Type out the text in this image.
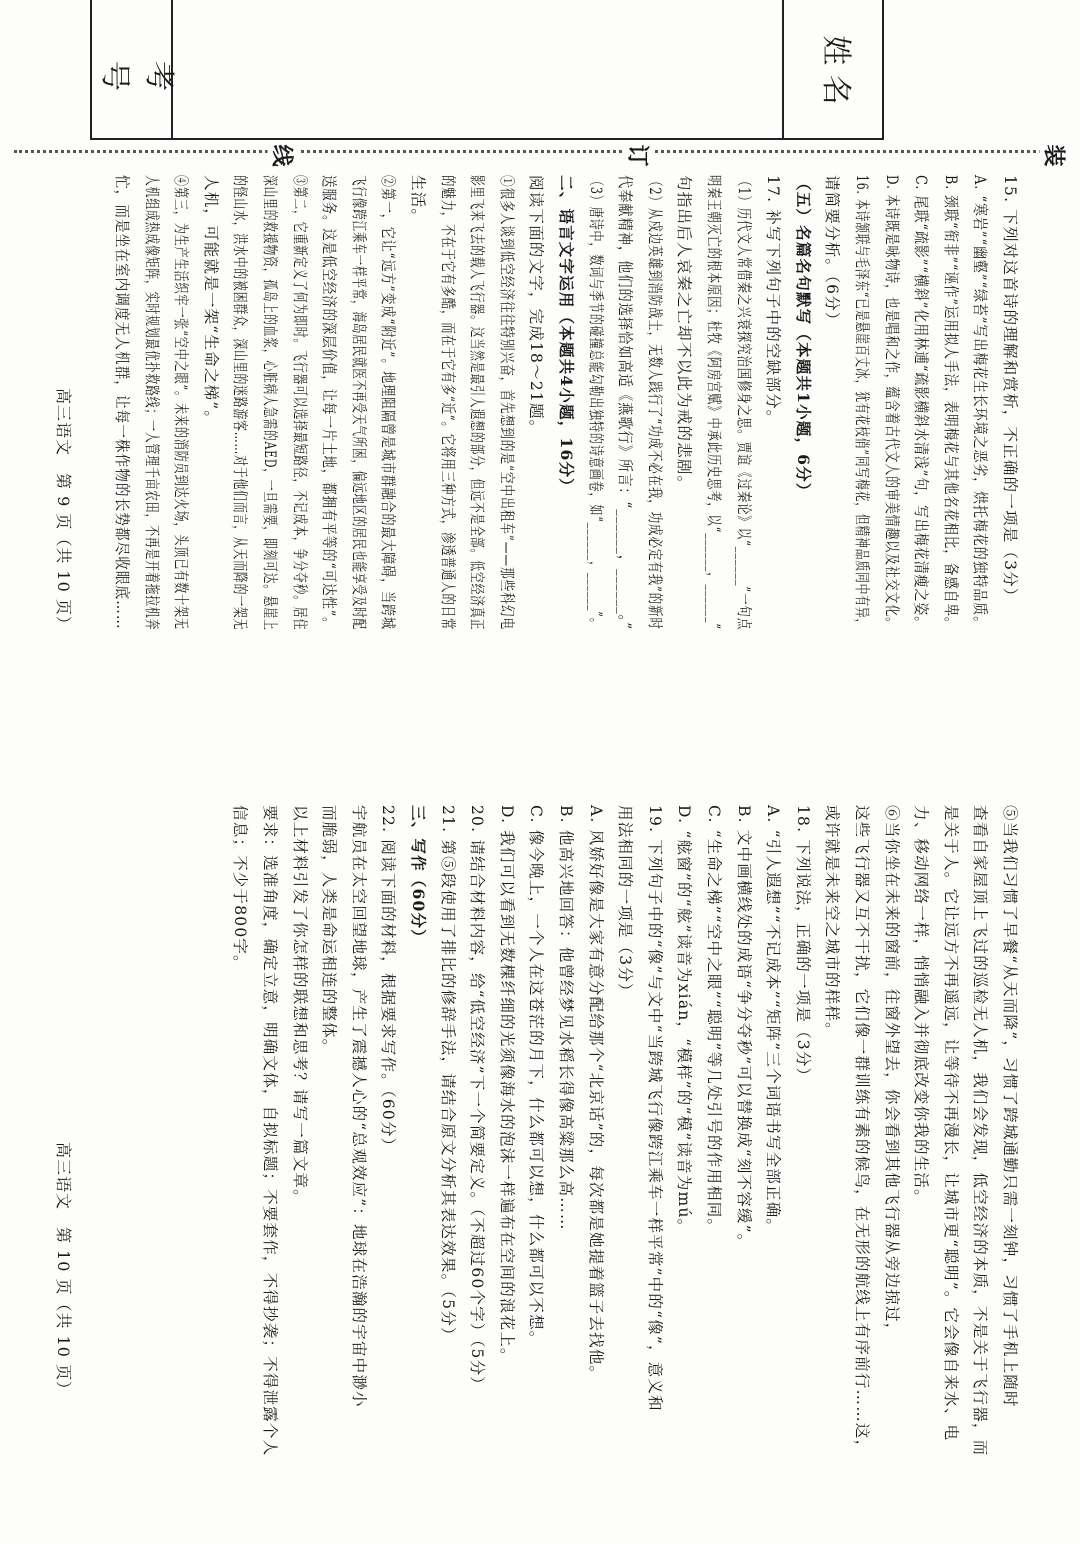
考 号	姓 名
装
订
线
15. 下列对这首诗的理解和赏析，不正确的一项是（3分）
A. “寒岩”“幽壑”“绿苔”写出梅花生长环境之恶劣，烘托梅花的独特品质。
B. 颈联“衔非”“诬作”运用拟人手法，表明梅花与其他名花相比，备感自卑。
C. 尾联“疏影”“横斜”化用林逋“疏影横斜水清浅”句，写出梅花清瘦之姿。
D. 本诗既是咏物诗，也是唱和之作，蕴含着古代文人的审美情趣以及社交文化。
16. 本诗颔联与毛泽东“已是悬崖百丈冰，犹有花枝俏”同写梅花，但精神品质同中有异，
请简要分析。（6分）
（五）名篇名句默写（本题共1小题，6分）
17. 补写下列句子中的空缺部分。
（1）历代文人常借秦之兴衰探究治国修身之思。贾谊《过秦论》以“______”一句点
明秦王朝灭亡的根本原因；杜牧《阿房宫赋》中承此历史思考，以“______，______”
句指出后人哀秦之亡却不以此为戒的悲剧。
（2）从戍边英雄到消防战士，无数人践行了“功成不必在我，功成必定有我”的新时
代奉献精神，他们的选择恰如高适《燕歌行》所言：“______，______。”
（3）唐诗中，数词与季节的碰撞总能勾勒出独特的诗意画卷，如“______，______”。
二、语言文字运用（本题共4小题，16分）
阅读下面的文字，完成18～21题。
①很多人谈到低空经济往往特别兴奋，首先想到的是“空中出租车”——那些科幻电
影里飞来飞去的载人飞行器。这当然是最引人遐想的部分，但远不是全部。低空经济真正
的魅力，不在于它有多酷，而在于它有多“近”。它将用三种方式，渗透普通人的日常
生活。
②第一，它让“远方”变成“附近”。地理阻隔曾是城市群融合的最大障碍，当跨城
飞行像跨江乘车一样平常，海岛居民就医不再受天气所困，偏远地区的居民也能享受及时配
送服务。这是低空经济的深层价值，让每一片土地，都拥有平等的“可达性”。
③第二，它重新定义了何为即时。飞行器可以选择最短路径，不记成本，争分夺秒。居住
深山里的救援物资，孤岛上的血浆，心脏病人急需的AED，一旦需要，即刻可达。悬崖上
的怪山水，洪水中的被困群众，深山里的迷路游客……对于他们而言，从天而降的一架无
人机，可能就是一架“生命之梯”。
④第三，为生产生活织牢一张“空中之眼”。未来的消防员到达火场，头顶已有数十架无
人机组成热成像矩阵，实时规划最优扑救路线；一人管理千亩农田，不再是开着拖拉机奔
忙，而是坐在室内调度无人机群，让每一株作物的长势都尽收眼底……
高三语文　第 9 页（共 10 页）
⑤当我们习惯了早餐“从天而降”，习惯了跨城通勤只需一刻钟，习惯了手机上随时
查看自家屋顶上飞过的巡检无人机，我们会发现，低空经济的本质，不是关于飞行器，而
是关于人。它让远方不再遥远，让等待不再漫长，让城市更“聪明”。它会像自来水、电
力、移动网络一样，悄悄融入并彻底改变你我的生活。
⑥当你坐在未来的窗前，往窗外望去，你会看到其他飞行器从旁边掠过，
这些飞行器又互不干扰，它们像一群训练有素的候鸟，在无形的航线上有序前行……这，
或许就是未来空之城市的样样。
18. 下列说法，正确的一项是（3分）
A. “引人遐想”“不记成本”“矩阵”三个词语书写全部正确。
B. 文中画横线处的成语“争分夺秒”可以替换成“刻不容缓”。
C. “生命之梯”“空中之眼”“聪明”等几处引号的作用相同。
D. “舷窗”的“舷”读音为xián，“模样”的“模”读音为mú。
19. 下列句子中的“像”与文中“当跨城飞行像跨江乘车一样平常”中的“像”，意义和
用法相同的一项是（3分）
A. 风娇好像是大家有意分配给那个“北京话”的，每次都是她提着篮子去找他。
B. 他高兴地回答：他曾经梦见水稻长得像高粱那么高……
C. 像今晚上，一个人在这苍茫的月下，什么都可以想，什么都可以不想。
D. 我们可以看到无数棵纤细的光须像海水的泡沫一样遍布在空间的浪花上。
20. 请结合材料内容，给“低空经济”下一个简要定义。（不超过60个字）（5分）
21. 第⑤段使用了排比的修辞手法，请结合原文分析其表达效果。（5分）
三、写作（60分）
22. 阅读下面的材料，根据要求写作。（60分）
宇航员在太空回望地球，产生了震撼人心的“总观效应”：地球在浩瀚的宇宙中渺小
而脆弱，人类是命运相连的整体。
以上材料引发了你怎样的联想和思考？请写一篇文章。
要求：选准角度，确定立意，明确文体，自拟标题；不要套作，不得抄袭；不得泄露个人
信息；不少于800字。
高三语文　第 10 页（共 10 页）
